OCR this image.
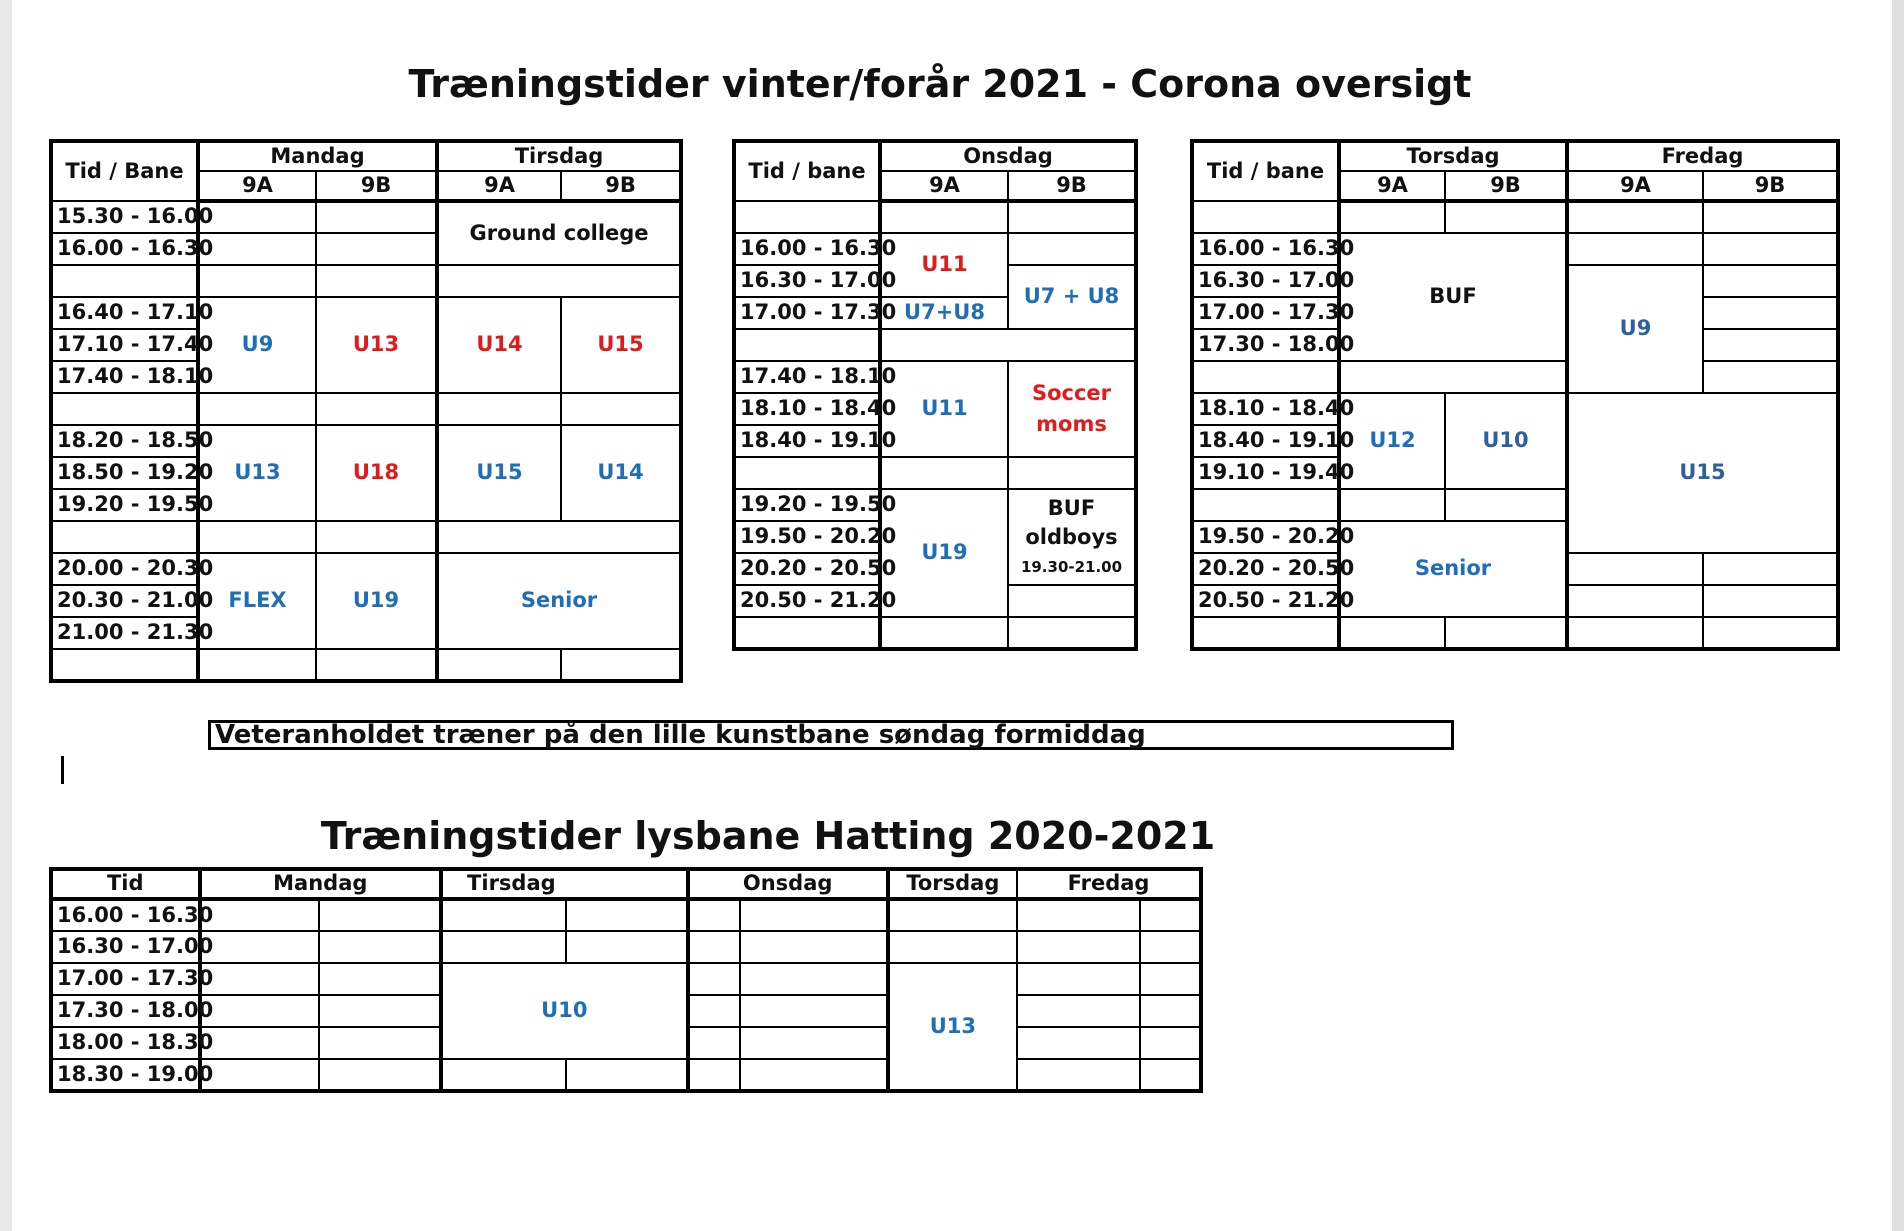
Træningstider vinter/forår 2021 - Corona oversigt
Tid / Bane	Mandag		Tirsdag	
	9A	9B	9A	9B
15.30 - 16.00			Ground college	
16.00 - 16.30				

16.40 - 17.10	U9	U13	U14	U15
17.10 - 17.40				
17.40 - 18.10				

18.20 - 18.50	U13	U18	U15	U14
18.50 - 19.20				
19.20 - 19.50				

20.00 - 20.30	FLEX	U19	Senior	
20.30 - 21.00				
21.00 - 21.30				

Tid / bane	Onsdag	
	9A	9B

16.00 - 16.30	U11	
16.30 - 17.00		U7 + U8
17.00 - 17.30	U7+U8	

17.40 - 18.10	U11	Soccer
moms
18.10 - 18.40		
18.40 - 19.10		

19.20 - 19.50	U19	BUF
oldboys
19.30-21.00
19.50 - 20.20		
20.20 - 20.50		
20.50 - 21.20		

Tid / bane	Torsdag		Fredag	
	9A	9B	9A	9B

16.00 - 16.30	BUF			
16.30 - 17.00			U9	
17.00 - 17.30				
17.30 - 18.00				

18.10 - 18.40	U12	U10	U15	
18.40 - 19.10				
19.10 - 19.40				

19.50 - 20.20	Senior			
20.20 - 20.50				
20.50 - 21.20				

Veteranholdet træner på den lille kunstbane søndag formiddag
Træningstider lysbane Hatting 2020-2021
Tid	Mandag		Tirsdag		Onsdag		Torsdag	Fredag	
16.00 - 16.30									
16.30 - 17.00									
17.00 - 17.30			U10				U13		
17.30 - 18.00									
18.00 - 18.30									
18.30 - 19.00									
